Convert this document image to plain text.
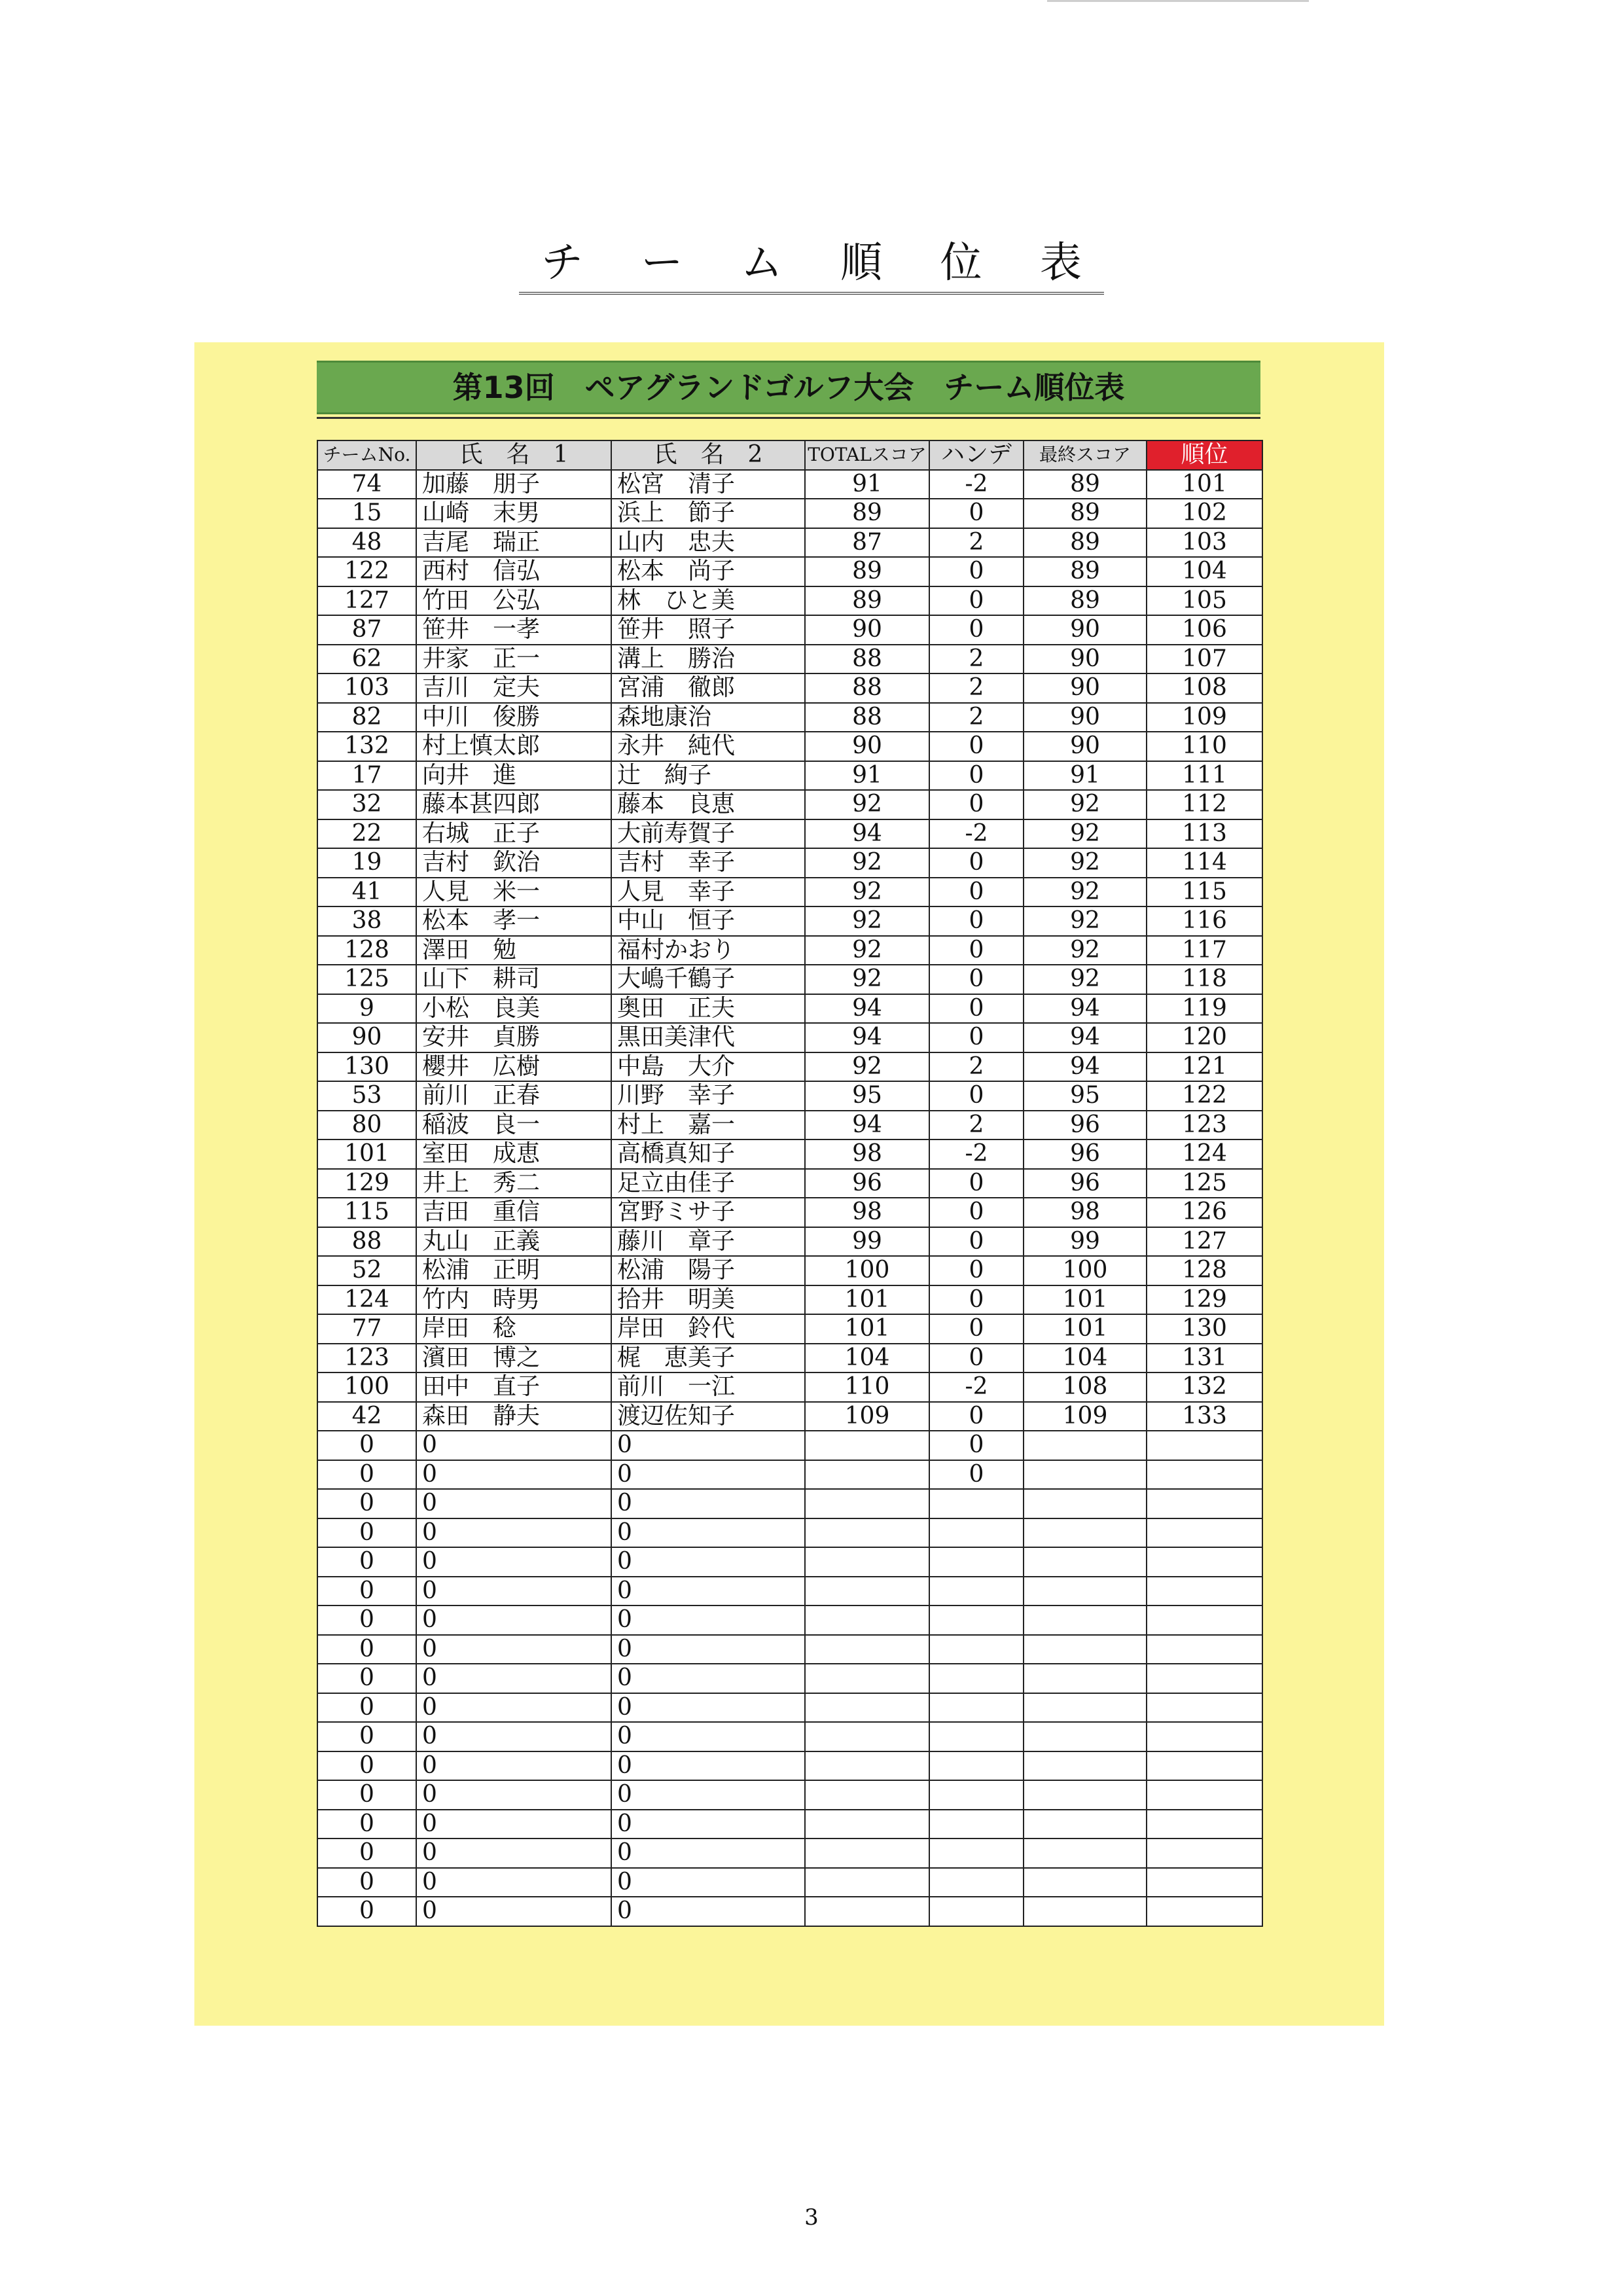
チ ー ム 順 位 表
第13回　ペアグランドゴルフ大会　チーム順位表
チームNo.	氏　名　1	氏　名　2	TOTALスコア	ハンデ	最終スコア	順位
74	加藤　朋子	松宮　清子	91	-2	89	101
15	山崎　末男	浜上　節子	89	0	89	102
48	吉尾　瑞正	山内　忠夫	87	2	89	103
122	西村　信弘	松本　尚子	89	0	89	104
127	竹田　公弘	林　ひと美	89	0	89	105
87	笹井　一孝	笹井　照子	90	0	90	106
62	井家　正一	溝上　勝治	88	2	90	107
103	吉川　定夫	宮浦　徹郎	88	2	90	108
82	中川　俊勝	森地康治	88	2	90	109
132	村上慎太郎	永井　純代	90	0	90	110
17	向井　進	辻　絢子	91	0	91	111
32	藤本甚四郎	藤本　良恵	92	0	92	112
22	右城　正子	大前寿賀子	94	-2	92	113
19	吉村　欽治	吉村　幸子	92	0	92	114
41	人見　米一	人見　幸子	92	0	92	115
38	松本　孝一	中山　恒子	92	0	92	116
128	澤田　勉	福村かおり	92	0	92	117
125	山下　耕司	大嶋千鶴子	92	0	92	118
9	小松　良美	奥田　正夫	94	0	94	119
90	安井　貞勝	黒田美津代	94	0	94	120
130	櫻井　広樹	中島　大介	92	2	94	121
53	前川　正春	川野　幸子	95	0	95	122
80	稲波　良一	村上　嘉一	94	2	96	123
101	室田　成恵	高橋真知子	98	-2	96	124
129	井上　秀二	足立由佳子	96	0	96	125
115	吉田　重信	宮野ミサ子	98	0	98	126
88	丸山　正義	藤川　章子	99	0	99	127
52	松浦　正明	松浦　陽子	100	0	100	128
124	竹内　時男	拾井　明美	101	0	101	129
77	岸田　稔	岸田　鈴代	101	0	101	130
123	濱田　博之	梶　恵美子	104	0	104	131
100	田中　直子	前川　一江	110	-2	108	132
42	森田　静夫	渡辺佐知子	109	0	109	133
0	0	0		0		
0	0	0		0		
0	0	0				
0	0	0				
0	0	0				
0	0	0				
0	0	0				
0	0	0				
0	0	0				
0	0	0				
0	0	0				
0	0	0				
0	0	0				
0	0	0				
0	0	0				
0	0	0				
0	0	0				
3
